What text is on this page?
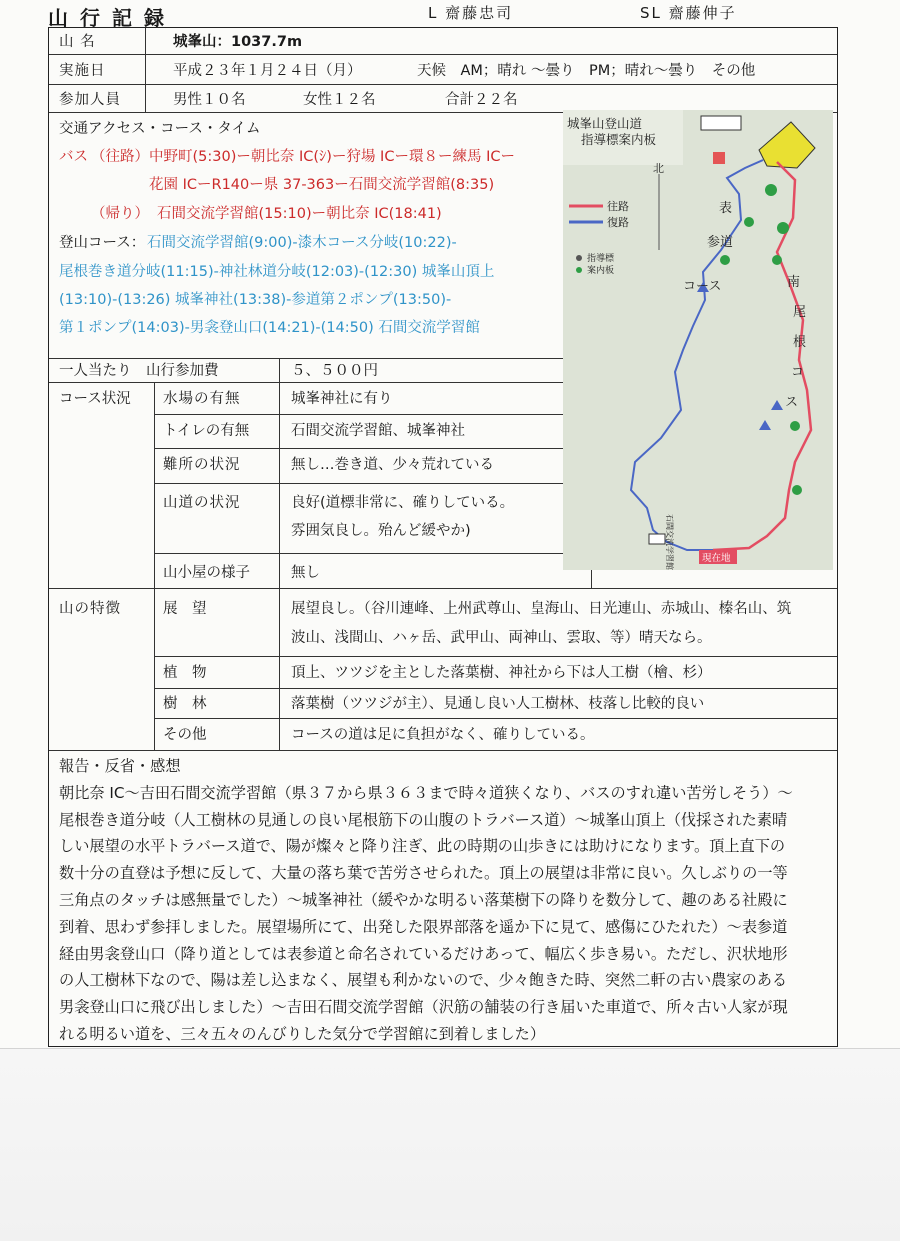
山行記録	L 齋藤忠司	SL 齋藤伸子
山 名	城峯山：1037.7m
実施日	平成２３年１月２４日（月）	天候　AM；晴れ ～曇り　PM；晴れ～曇り　その他
参加人員	男性１０名	女性１２名	合計２２名
交通アクセス・コース・タイム
バス （往路） 中野町(5:30)ー朝比奈 IC(ｼ)ー狩場 ICー環８ー練馬 ICー
花園 ICーR140ー県 37-363ー石間交流学習館(8:35)
（帰り） 石間交流学習館(15:10)ー朝比奈 IC(18:41)
登山コース： 石間交流学習館(9:00)-漆木コース分岐(10:22)-
尾根巻き道分岐(11:15)-神社林道分岐(12:03)-(12:30) 城峯山頂上
(13:10)-(13:26) 城峯神社(13:38)-参道第２ポンプ(13:50)-
第１ポンプ(14:03)-男衾登山口(14:21)-(14:50) 石間交流学習館
一人当たり　山行参加費	５、５００円
コース状況 水場の有無	城峯神社に有り
トイレの有無	石間交流学習館、城峯神社
難所の状況	無し…巻き道、少々荒れている
山道の状況	良好(道標非常に、確りしている。
雰囲気良し。殆んど緩やか)
山小屋の様子	無し
山の特徴	展　望	展望良し。（谷川連峰、上州武尊山、皇海山、日光連山、赤城山、榛名山、筑
波山、浅間山、ハヶ岳、武甲山、両神山、雲取、等）晴天なら。
植　物	頂上、ツツジを主とした落葉樹、神社から下は人工樹（檜、杉）
樹　林	落葉樹（ツツジが主）、見通し良い人工樹林、枝落し比較的良い
その他	コースの道は足に負担がなく、確りしている。

報告・反省・感想

朝比奈 IC～吉田石間交流学習館（県３７から県３６３まで時々道狭くなり、バスのすれ違い苦労しそう）～

尾根巻き道分岐（人工樹林の見通しの良い尾根筋下の山腹のトラバース道）～城峯山頂上（伐採された素晴

しい展望の水平トラバース道で、陽が燦々と降り注ぎ、此の時期の山歩きには助けになります。頂上直下の

数十分の直登は予想に反して、大量の落ち葉で苦労させられた。頂上の展望は非常に良い。久しぶりの一等

三角点のタッチは感無量でした）～城峯神社（緩やかな明るい落葉樹下の降りを数分して、趣のある社殿に

到着、思わず参拝しました。展望場所にて、出発した限界部落を遥か下に見て、感傷にひたれた）～表参道

経由男衾登山口（降り道としては表参道と命名されているだけあって、幅広く歩き易い。ただし、沢状地形

の人工樹林下なので、陽は差し込まなく、展望も利かないので、少々飽きた時、突然二軒の古い農家のある

男衾登山口に飛び出しました）～吉田石間交流学習館（沢筋の舗装の行き届いた車道で、所々古い人家が現

れる明るい道を、三々五々のんびりした気分で学習館に到着しました）

城峯山登山道
指導標案内板
往路
復路
北
指導標
案内板
表
参道
コース	南
尾
根
コ
ス
現在地
石間交流学習館
